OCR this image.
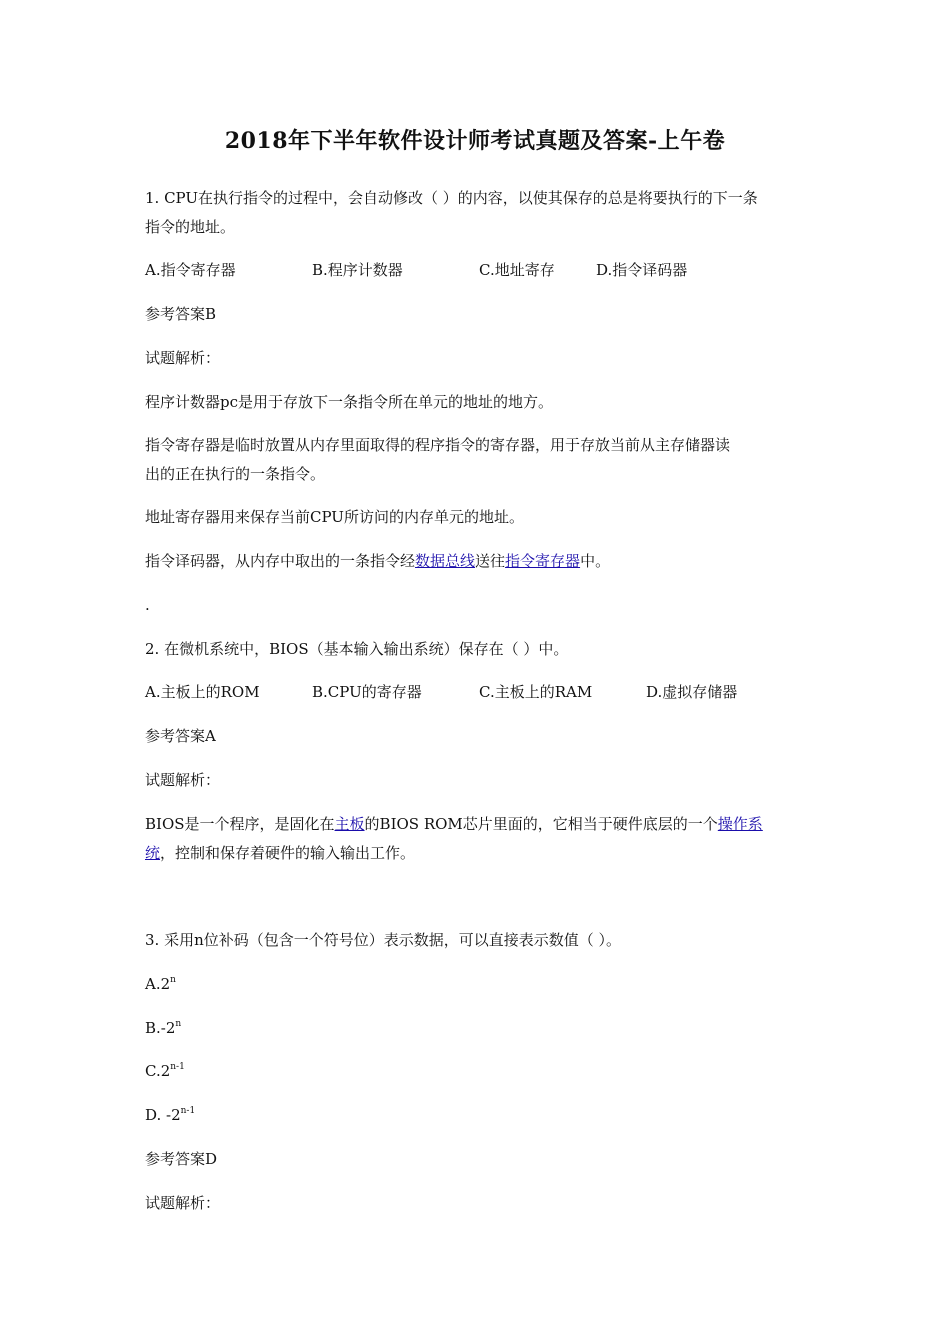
2018年下半年软件设计师考试真题及答案-上午卷
1. CPU在执行指令的过程中，会自动修改（ ）的内容，以使其保存的总是将要执行的下一条
指令的地址。
A.指令寄存器	B.程序计数器	C.地址寄存	D.指令译码器
参考答案B
试题解析：
程序计数器pc是用于存放下一条指令所在单元的地址的地方。
指令寄存器是临时放置从内存里面取得的程序指令的寄存器，用于存放当前从主存储器读
出的正在执行的一条指令。
地址寄存器用来保存当前CPU所访问的内存单元的地址。
指令译码器，从内存中取出的一条指令经数据总线送往指令寄存器中。
.
2. 在微机系统中，BIOS（基本输入输出系统）保存在（ ）中。
A.主板上的ROM	B.CPU的寄存器	C.主板上的RAM	D.虚拟存储器
参考答案A
试题解析：
BIOS是一个程序，是固化在主板的BIOS ROM芯片里面的，它相当于硬件底层的一个操作系
统，控制和保存着硬件的输入输出工作。
3. 采用n位补码（包含一个符号位）表示数据，可以直接表示数值（ ）。
A.2$^n$
B.-2$^n$
C.2$^{n-1}$
D. -2$^{n-1}$
参考答案D
试题解析：
